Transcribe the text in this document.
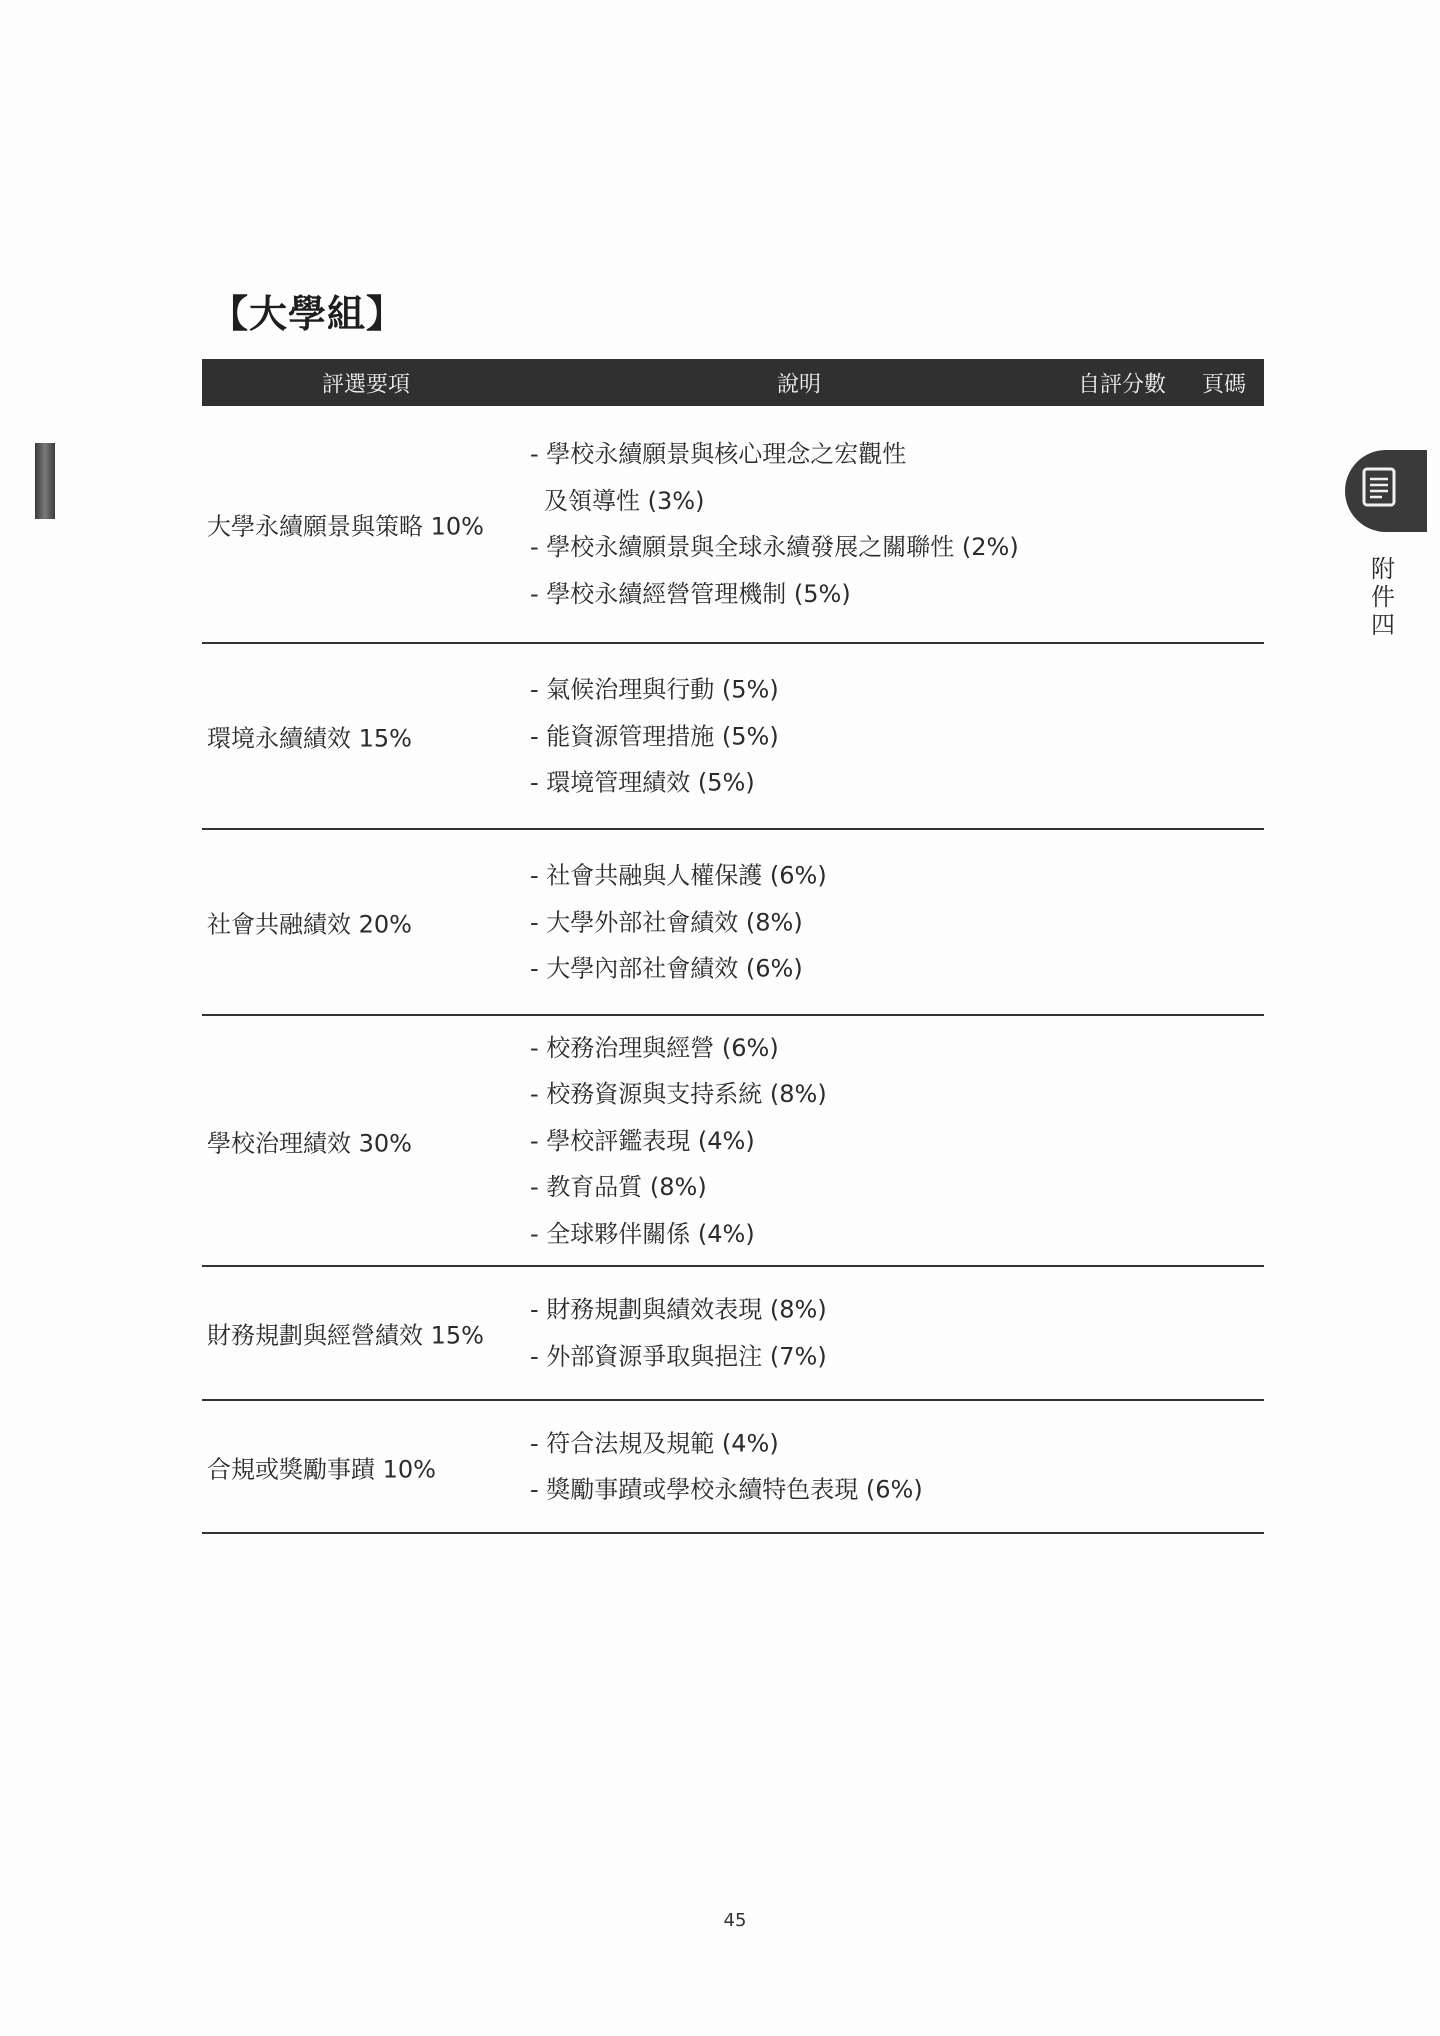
【大學組】
評選要項	說明	自評分數 頁碼
大學永續願景與策略 10%
- 學校永續願景與核心理念之宏觀性
及領導性 (3%)
- 學校永續願景與全球永續發展之關聯性 (2%)
- 學校永續經營管理機制 (5%)
環境永續績效 15%
- 氣候治理與行動 (5%)
- 能資源管理措施 (5%)
- 環境管理績效 (5%)
社會共融績效 20%
- 社會共融與人權保護 (6%)
- 大學外部社會績效 (8%)
- 大學內部社會績效 (6%)
學校治理績效 30%
- 校務治理與經營 (6%)
- 校務資源與支持系統 (8%)
- 學校評鑑表現 (4%)
- 教育品質 (8%)
- 全球夥伴關係 (4%)
財務規劃與經營績效 15%
- 財務規劃與績效表現 (8%)
- 外部資源爭取與挹注 (7%)
合規或獎勵事蹟 10%
- 符合法規及規範 (4%)
- 獎勵事蹟或學校永續特色表現 (6%)
附
件
四
45
